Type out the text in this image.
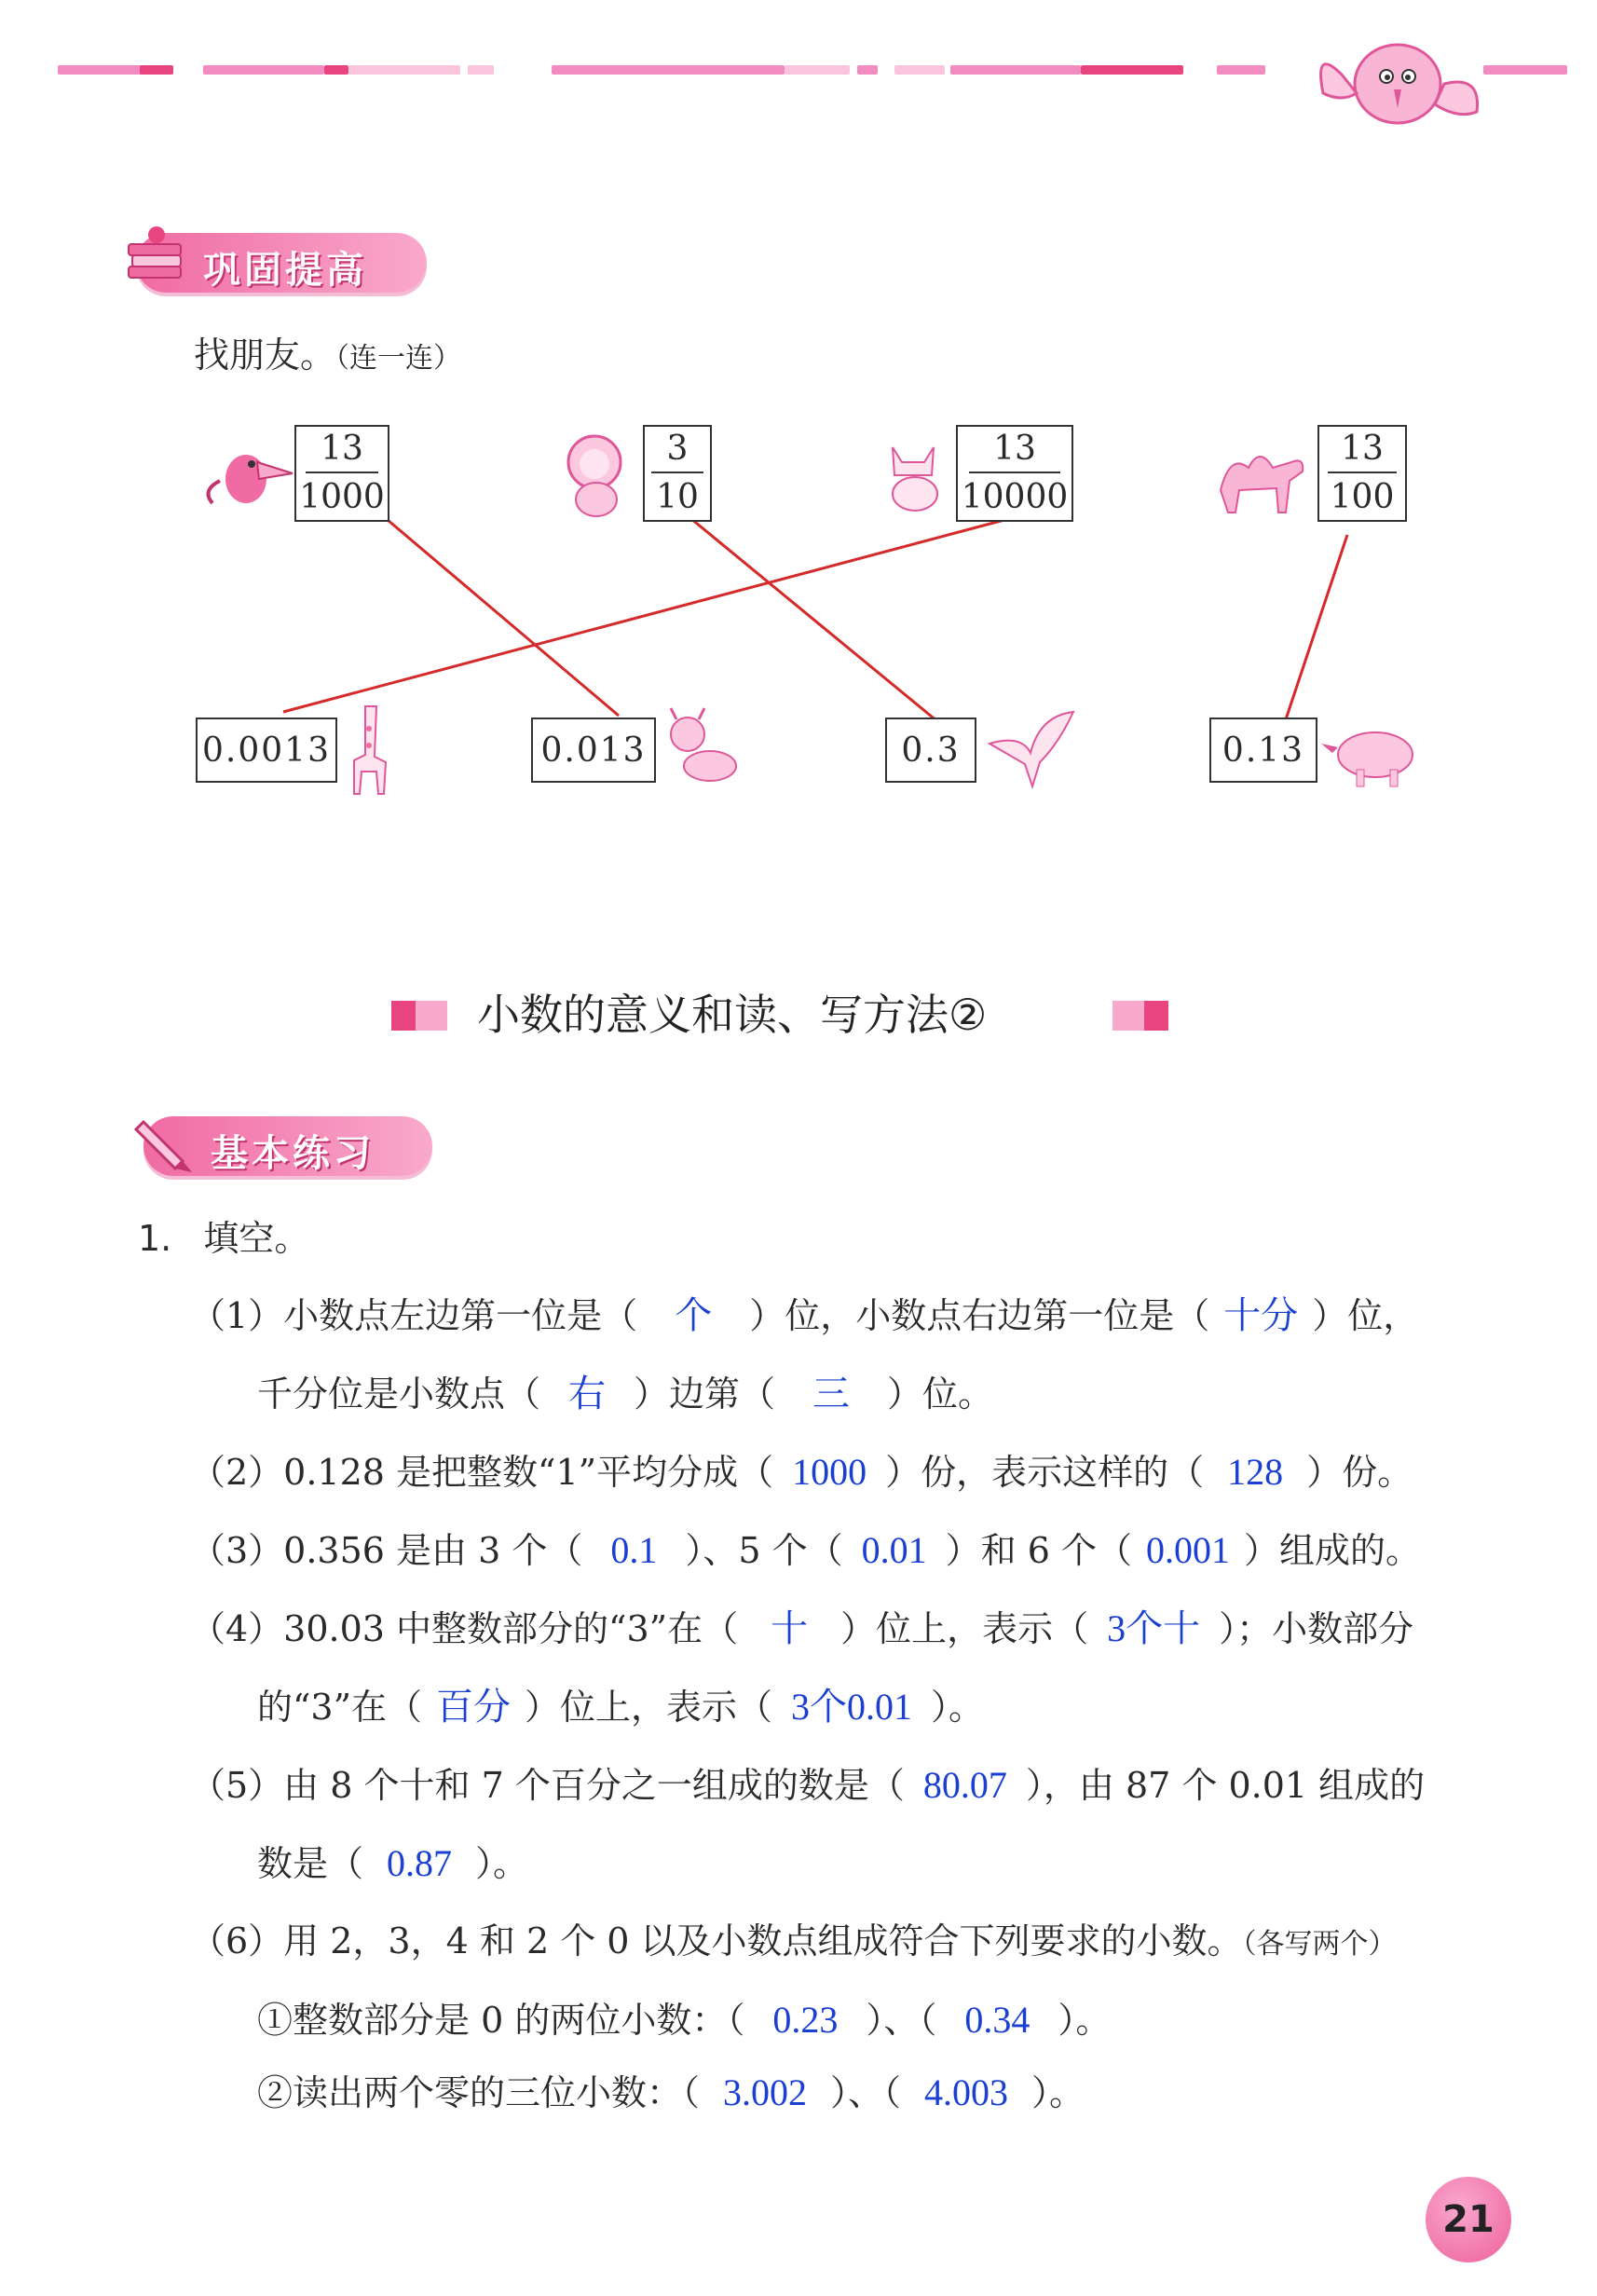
巩固提高
找朋友。（连一连）
13
1000
3
10
13
10000
13
100
0.0013	0.013	0.3	0.13
小数的意义和读、写方法②
基本练习
1. 填空。
（1）小数点左边第一位是（ 个 ）位，小数点右边第一位是（ 十分 ）位，
千分位是小数点（ 右 ）边第（ 三 ）位。
（2）0.128 是把整数“1”平均分成（ 1000 ）份，表示这样的（ 128 ）份。
（3）0.356 是由 3 个（ 0.1 ）、5 个（ 0.01 ）和 6 个（ 0.001 ）组成的。
（4）30.03 中整数部分的“3”在（ 十 ）位上，表示（ 3个十 ）；小数部分
的“3”在（ 百分 ）位上，表示（ 3个0.01 ）。
（5）由 8 个十和 7 个百分之一组成的数是（ 80.07 ），由 87 个 0.01 组成的
数是（ 0.87 ）。
（6）用 2，3，4 和 2 个 0 以及小数点组成符合下列要求的小数。（各写两个）
①整数部分是 0 的两位小数：（ 0.23 ）、（ 0.34 ）。
②读出两个零的三位小数：（ 3.002 ）、（ 4.003 ）。
21
